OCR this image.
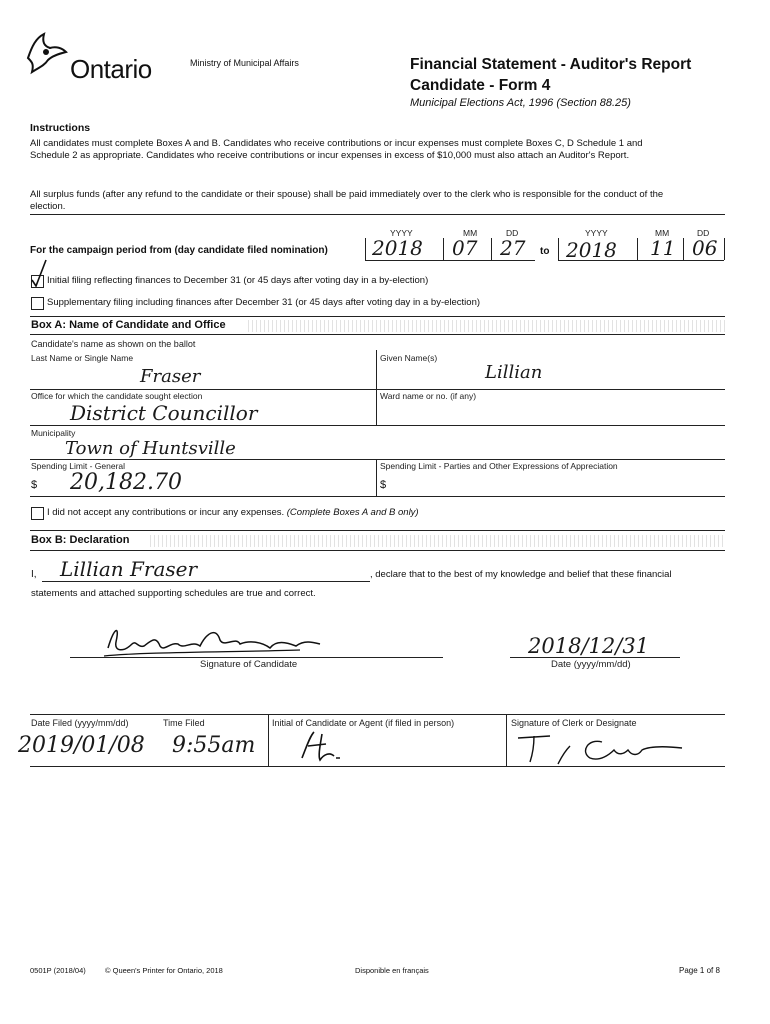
Ontario	Ministry of Municipal Affairs	Financial Statement - Auditor's Report
Candidate - Form 4
Municipal Elections Act, 1996 (Section 88.25)
Instructions
All candidates must complete Boxes A and B. Candidates who receive contributions or incur expenses must complete Boxes C, D Schedule 1 and Schedule 2 as appropriate. Candidates who receive contributions or incur expenses in excess of $10,000 must also attach an Auditor's Report.
All surplus funds (after any refund to the candidate or their spouse) shall be paid immediately over to the clerk who is responsible for the conduct of the election.
YYYY	MM	DD	YYYY	MM	DD
For the campaign period from (day candidate filed nomination) 2018 07 27 to 2018 11 06
Initial filing reflecting finances to December 31 (or 45 days after voting day in a by-election)
Supplementary filing including finances after December 31 (or 45 days after voting day in a by-election)
Box A: Name of Candidate and Office
Candidate's name as shown on the ballot
Last Name or Single Name	Given Name(s)
Fraser	Lillian
Office for which the candidate sought election	Ward name or no. (if any)
District Councillor
Municipality
Town of Huntsville
Spending Limit - General	Spending Limit - Parties and Other Expressions of Appreciation
$ 20,182.70	$
I did not accept any contributions or incur any expenses. (Complete Boxes A and B only)
Box B: Declaration
I, Lillian Fraser	, declare that to the best of my knowledge and belief that these financial
statements and attached supporting schedules are true and correct.
Signature of Candidate
2018/12/31
Date (yyyy/mm/dd)
Date Filed (yyyy/mm/dd)	Time Filed	Initial of Candidate or Agent (if filed in person)	Signature of Clerk or Designate
2019/01/08 9:55am
0501P (2018/04)	© Queen's Printer for Ontario, 2018	Disponible en français	Page 1 of 8
